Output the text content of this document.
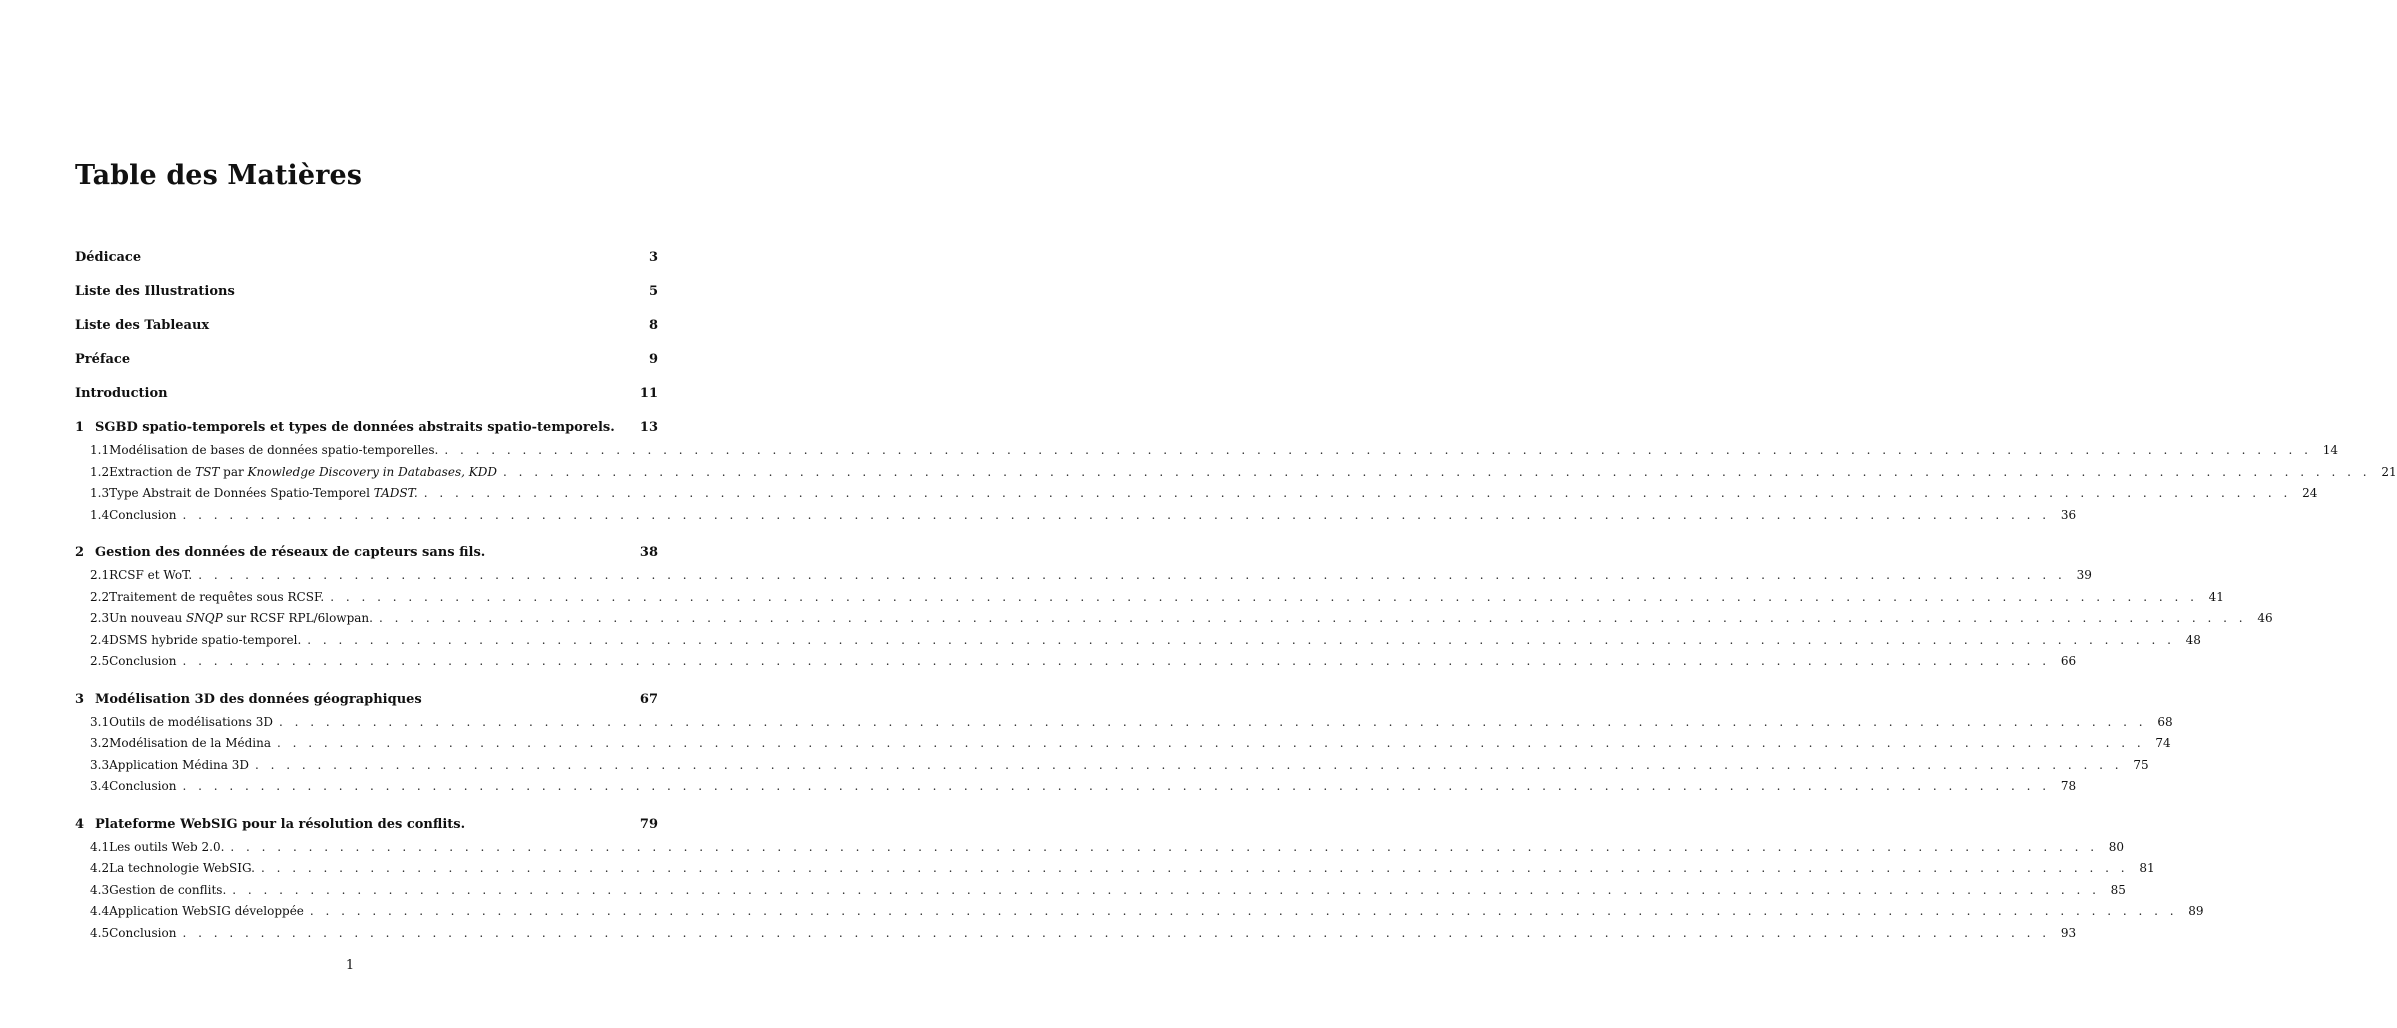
Table des Matières
Dédicace	3
Liste des Illustrations	5
Liste des Tableaux	8
Préface	9
Introduction	11
1 SGBD spatio-temporels et types de données abstraits spatio-temporels.	13
1.1 Modélisation de bases de données spatio-temporelles. . . . . . . . . . . . . . . . . . . . . . . . . . . . . . . . . . . . . . . . . . . . . . . . . . . . . . . . . . . . . . . . . . . . . . . . . . . . . . . . . . . . . . . . . . . . . . . . . . . . . . . . . . . . . . . . . . . . . . . . . 14
1.2 Extraction de TST par Knowledge Discovery in Databases, KDD . . . . . . . . . . . . . . . . . . . . . . . . . . . . . . . . . . . . . . . . . . . . . . . . . . . . . . . . . . . . . . . . . . . . . . . . . . . . . . . . . . . . . . . . . . . . . . . . . . . . . . . . . . . . . . . . . . . . . . . . 21
1.3 Type Abstrait de Données Spatio-Temporel TADST. . . . . . . . . . . . . . . . . . . . . . . . . . . . . . . . . . . . . . . . . . . . . . . . . . . . . . . . . . . . . . . . . . . . . . . . . . . . . . . . . . . . . . . . . . . . . . . . . . . . . . . . . . . . . . . . . . . . . . . . . 24
1.4 Conclusion . . . . . . . . . . . . . . . . . . . . . . . . . . . . . . . . . . . . . . . . . . . . . . . . . . . . . . . . . . . . . . . . . . . . . . . . . . . . . . . . . . . . . . . . . . . . . . . . . . . . . . . . . . . . . . . . . . . . . . . . 36
2 Gestion des données de réseaux de capteurs sans fils.	38
2.1 RCSF et WoT. . . . . . . . . . . . . . . . . . . . . . . . . . . . . . . . . . . . . . . . . . . . . . . . . . . . . . . . . . . . . . . . . . . . . . . . . . . . . . . . . . . . . . . . . . . . . . . . . . . . . . . . . . . . . . . . . . . . . . . . . 39
2.2 Traitement de requêtes sous RCSF. . . . . . . . . . . . . . . . . . . . . . . . . . . . . . . . . . . . . . . . . . . . . . . . . . . . . . . . . . . . . . . . . . . . . . . . . . . . . . . . . . . . . . . . . . . . . . . . . . . . . . . . . . . . . . . . . . . . . . . . . 41
2.3 Un nouveau SNQP sur RCSF RPL/6lowpan. . . . . . . . . . . . . . . . . . . . . . . . . . . . . . . . . . . . . . . . . . . . . . . . . . . . . . . . . . . . . . . . . . . . . . . . . . . . . . . . . . . . . . . . . . . . . . . . . . . . . . . . . . . . . . . . . . . . . . . . . 46
2.4 DSMS hybride spatio-temporel. . . . . . . . . . . . . . . . . . . . . . . . . . . . . . . . . . . . . . . . . . . . . . . . . . . . . . . . . . . . . . . . . . . . . . . . . . . . . . . . . . . . . . . . . . . . . . . . . . . . . . . . . . . . . . . . . . . . . . . . . 48
2.5 Conclusion . . . . . . . . . . . . . . . . . . . . . . . . . . . . . . . . . . . . . . . . . . . . . . . . . . . . . . . . . . . . . . . . . . . . . . . . . . . . . . . . . . . . . . . . . . . . . . . . . . . . . . . . . . . . . . . . . . . . . . . . 66
3 Modélisation 3D des données géographiques	67
3.1 Outils de modélisations 3D . . . . . . . . . . . . . . . . . . . . . . . . . . . . . . . . . . . . . . . . . . . . . . . . . . . . . . . . . . . . . . . . . . . . . . . . . . . . . . . . . . . . . . . . . . . . . . . . . . . . . . . . . . . . . . . . . . . . . . . . 68
3.2 Modélisation de la Médina . . . . . . . . . . . . . . . . . . . . . . . . . . . . . . . . . . . . . . . . . . . . . . . . . . . . . . . . . . . . . . . . . . . . . . . . . . . . . . . . . . . . . . . . . . . . . . . . . . . . . . . . . . . . . . . . . . . . . . . . 74
3.3 Application Médina 3D . . . . . . . . . . . . . . . . . . . . . . . . . . . . . . . . . . . . . . . . . . . . . . . . . . . . . . . . . . . . . . . . . . . . . . . . . . . . . . . . . . . . . . . . . . . . . . . . . . . . . . . . . . . . . . . . . . . . . . . . 75
3.4 Conclusion . . . . . . . . . . . . . . . . . . . . . . . . . . . . . . . . . . . . . . . . . . . . . . . . . . . . . . . . . . . . . . . . . . . . . . . . . . . . . . . . . . . . . . . . . . . . . . . . . . . . . . . . . . . . . . . . . . . . . . . . 78
4 Plateforme WebSIG pour la résolution des conflits.	79
4.1 Les outils Web 2.0. . . . . . . . . . . . . . . . . . . . . . . . . . . . . . . . . . . . . . . . . . . . . . . . . . . . . . . . . . . . . . . . . . . . . . . . . . . . . . . . . . . . . . . . . . . . . . . . . . . . . . . . . . . . . . . . . . . . . . . . . 80
4.2 La technologie WebSIG. . . . . . . . . . . . . . . . . . . . . . . . . . . . . . . . . . . . . . . . . . . . . . . . . . . . . . . . . . . . . . . . . . . . . . . . . . . . . . . . . . . . . . . . . . . . . . . . . . . . . . . . . . . . . . . . . . . . . . . . . 81
4.3 Gestion de conflits. . . . . . . . . . . . . . . . . . . . . . . . . . . . . . . . . . . . . . . . . . . . . . . . . . . . . . . . . . . . . . . . . . . . . . . . . . . . . . . . . . . . . . . . . . . . . . . . . . . . . . . . . . . . . . . . . . . . . . . . . 85
4.4 Application WebSIG développée . . . . . . . . . . . . . . . . . . . . . . . . . . . . . . . . . . . . . . . . . . . . . . . . . . . . . . . . . . . . . . . . . . . . . . . . . . . . . . . . . . . . . . . . . . . . . . . . . . . . . . . . . . . . . . . . . . . . . . . . 89
4.5 Conclusion . . . . . . . . . . . . . . . . . . . . . . . . . . . . . . . . . . . . . . . . . . . . . . . . . . . . . . . . . . . . . . . . . . . . . . . . . . . . . . . . . . . . . . . . . . . . . . . . . . . . . . . . . . . . . . . . . . . . . . . . 93
1
